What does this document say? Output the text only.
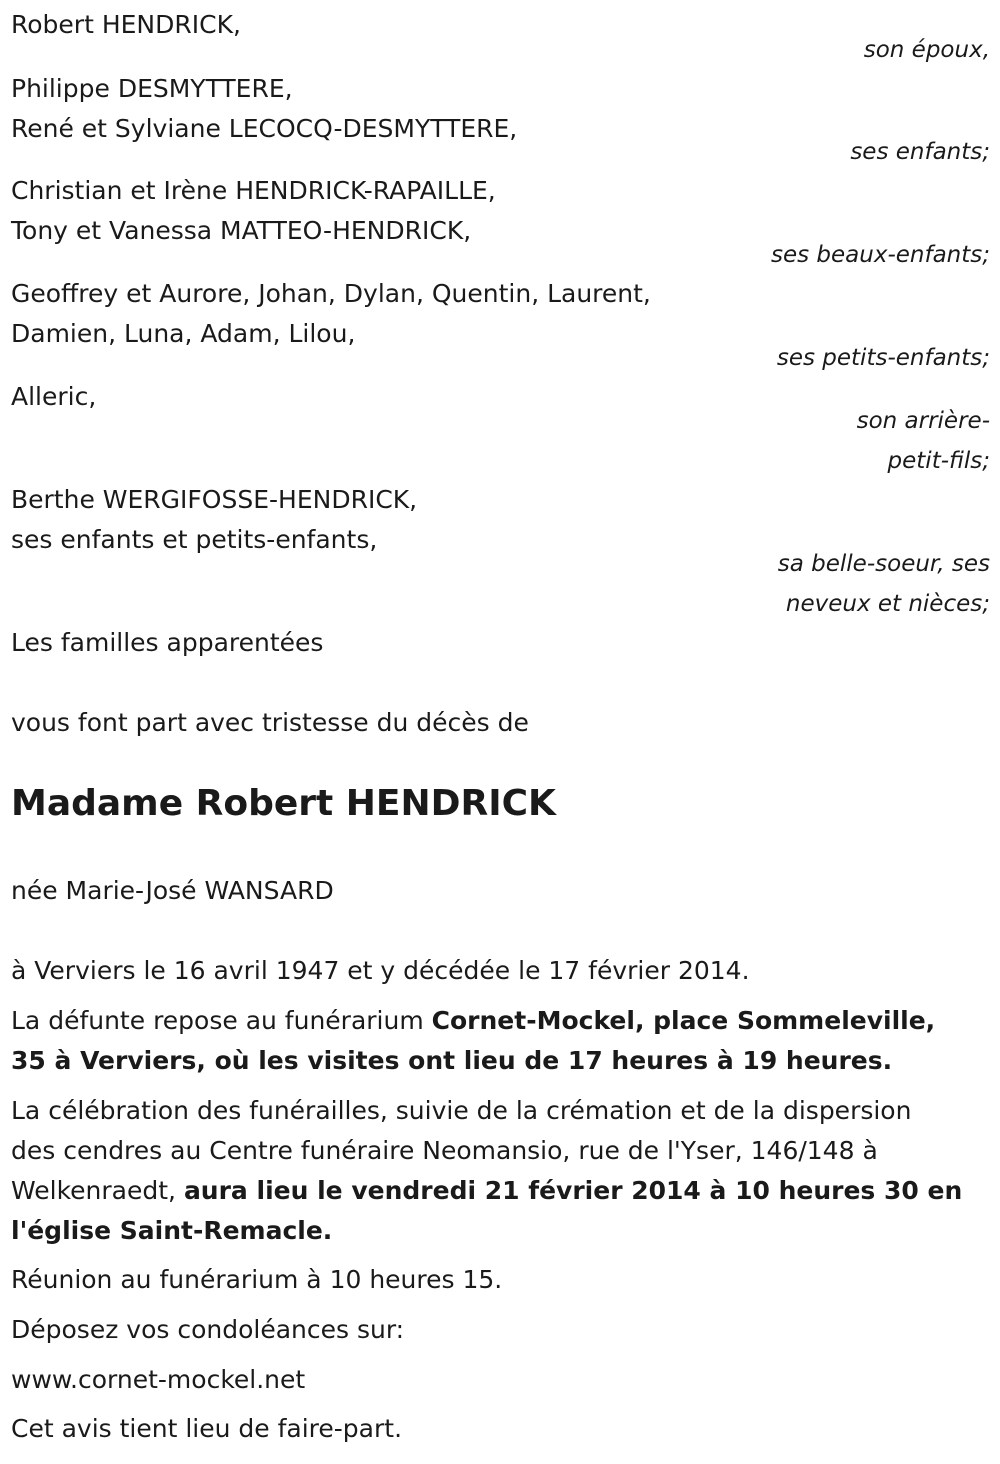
Robert HENDRICK,
son époux,
Philippe DESMYTTERE,
René et Sylviane LECOCQ-DESMYTTERE,
ses enfants;
Christian et Irène HENDRICK-RAPAILLE,
Tony et Vanessa MATTEO-HENDRICK,
ses beaux-enfants;
Geoffrey et Aurore, Johan, Dylan, Quentin, Laurent,
Damien, Luna, Adam, Lilou,
ses petits-enfants;
Alleric,
son arrière-
petit-fils;
Berthe WERGIFOSSE-HENDRICK,
ses enfants et petits-enfants,
sa belle-soeur, ses
neveux et nièces;
Les familles apparentées
vous font part avec tristesse du décès de
Madame Robert HENDRICK
née Marie-José WANSARD
à Verviers le 16 avril 1947 et y décédée le 17 février 2014.
La défunte repose au funérarium Cornet-Mockel, place Sommeleville,
35 à Verviers, où les visites ont lieu de 17 heures à 19 heures.
La célébration des funérailles, suivie de la crémation et de la dispersion
des cendres au Centre funéraire Neomansio, rue de l'Yser, 146/148 à
Welkenraedt, aura lieu le vendredi 21 février 2014 à 10 heures 30 en
l'église Saint-Remacle.
Réunion au funérarium à 10 heures 15.
Déposez vos condoléances sur:
www.cornet-mockel.net
Cet avis tient lieu de faire-part.
